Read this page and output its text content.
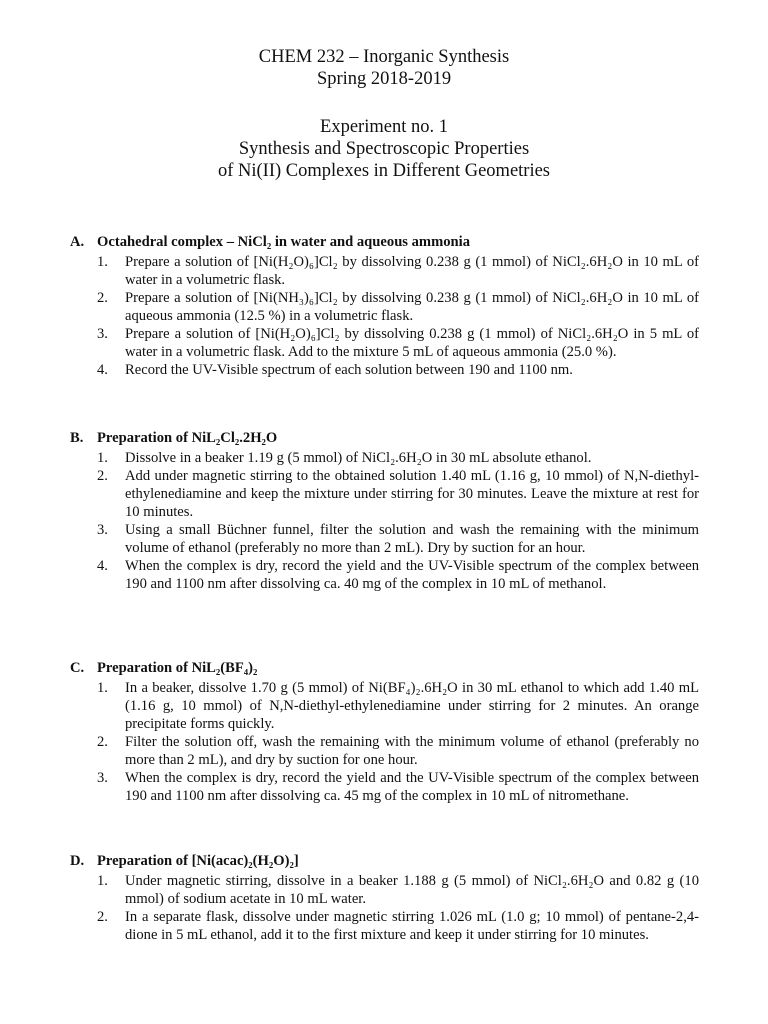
CHEM 232 – Inorganic Synthesis
Spring 2018-2019
Experiment no. 1
Synthesis and Spectroscopic Properties
of Ni(II) Complexes in Different Geometries
A. Octahedral complex – NiCl₂ in water and aqueous ammonia
1. Prepare a solution of [Ni(H₂O)₆]Cl₂ by dissolving 0.238 g (1 mmol) of NiCl₂.6H₂O in 10 mL of water in a volumetric flask.
2. Prepare a solution of [Ni(NH₃)₆]Cl₂ by dissolving 0.238 g (1 mmol) of NiCl₂.6H₂O in 10 mL of aqueous ammonia (12.5 %) in a volumetric flask.
3. Prepare a solution of [Ni(H₂O)₆]Cl₂ by dissolving 0.238 g (1 mmol) of NiCl₂.6H₂O in 5 mL of water in a volumetric flask. Add to the mixture 5 mL of aqueous ammonia (25.0 %).
4. Record the UV-Visible spectrum of each solution between 190 and 1100 nm.
B. Preparation of NiL₂Cl₂.2H₂O
1. Dissolve in a beaker 1.19 g (5 mmol) of NiCl₂.6H₂O in 30 mL absolute ethanol.
2. Add under magnetic stirring to the obtained solution 1.40 mL (1.16 g, 10 mmol) of N,N-diethyl-ethylenediamine and keep the mixture under stirring for 30 minutes. Leave the mixture at rest for 10 minutes.
3. Using a small Büchner funnel, filter the solution and wash the remaining with the minimum volume of ethanol (preferably no more than 2 mL). Dry by suction for an hour.
4. When the complex is dry, record the yield and the UV-Visible spectrum of the complex between 190 and 1100 nm after dissolving ca. 40 mg of the complex in 10 mL of methanol.
C. Preparation of NiL₂(BF₄)₂
1. In a beaker, dissolve 1.70 g (5 mmol) of Ni(BF₄)₂.6H₂O in 30 mL ethanol to which add 1.40 mL (1.16 g, 10 mmol) of N,N-diethyl-ethylenediamine under stirring for 2 minutes. An orange precipitate forms quickly.
2. Filter the solution off, wash the remaining with the minimum volume of ethanol (preferably no more than 2 mL), and dry by suction for one hour.
3. When the complex is dry, record the yield and the UV-Visible spectrum of the complex between 190 and 1100 nm after dissolving ca. 45 mg of the complex in 10 mL of nitromethane.
D. Preparation of [Ni(acac)₂(H₂O)₂]
1. Under magnetic stirring, dissolve in a beaker 1.188 g (5 mmol) of NiCl₂.6H₂O and 0.82 g (10 mmol) of sodium acetate in 10 mL water.
2. In a separate flask, dissolve under magnetic stirring 1.026 mL (1.0 g; 10 mmol) of pentane-2,4-dione in 5 mL ethanol, add it to the first mixture and keep it under stirring for 10 minutes.
